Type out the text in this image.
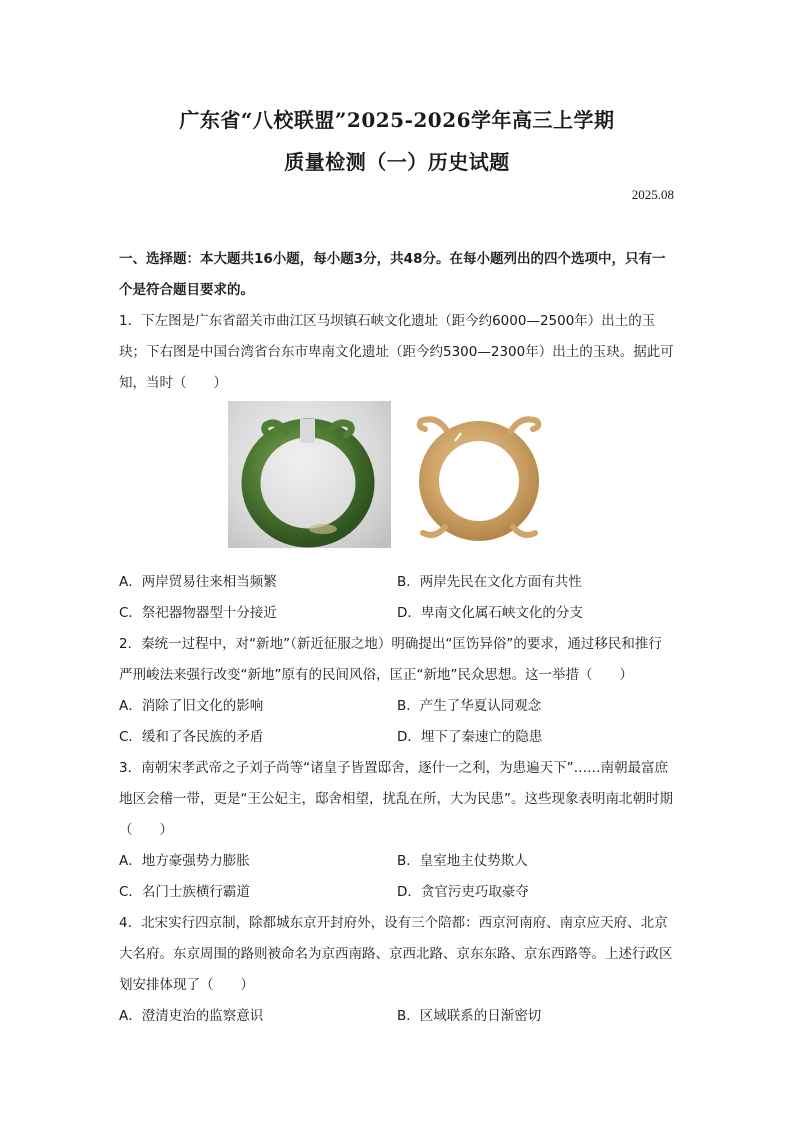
广东省“八校联盟”2025-2026学年高三上学期
质量检测（一）历史试题
2025.08
一、选择题：本大题共16小题，每小题3分，共48分。在每小题列出的四个选项中，只有一个是符合题目要求的。

1．下左图是广东省韶关市曲江区马坝镇石峡文化遗址（距今约6000—2500年）出土的玉玦；下右图是中国台湾省台东市卑南文化遗址（距今约5300—2300年）出土的玉玦。据此可知，当时（　　）

A．两岸贸易往来相当频繁	B．两岸先民在文化方面有共性
C．祭祀器物器型十分接近	D．卑南文化属石峡文化的分支

2．秦统一过程中，对“新地”（新近征服之地）明确提出“匡饬异俗”的要求，通过移民和推行严刑峻法来强行改变“新地”原有的民间风俗，匡正“新地”民众思想。这一举措（　　）

A．消除了旧文化的影响	B．产生了华夏认同观念
C．缓和了各民族的矛盾	D．埋下了秦速亡的隐患

3．南朝宋孝武帝之子刘子尚等“诸皇子皆置邸舍，逐什一之利，为患遍天下”……南朝最富庶地区会稽一带，更是“王公妃主，邸舍相望，扰乱在所，大为民患”。这些现象表明南北朝时期（　　）

A．地方豪强势力膨胀	B．皇室地主仗势欺人
C．名门士族横行霸道	D．贪官污吏巧取豪夺

4．北宋实行四京制，除都城东京开封府外，设有三个陪都：西京河南府、南京应天府、北京大名府。东京周围的路则被命名为京西南路、京西北路、京东东路、京东西路等。上述行政区划安排体现了（　　）

A．澄清吏治的监察意识	B．区域联系的日渐密切
